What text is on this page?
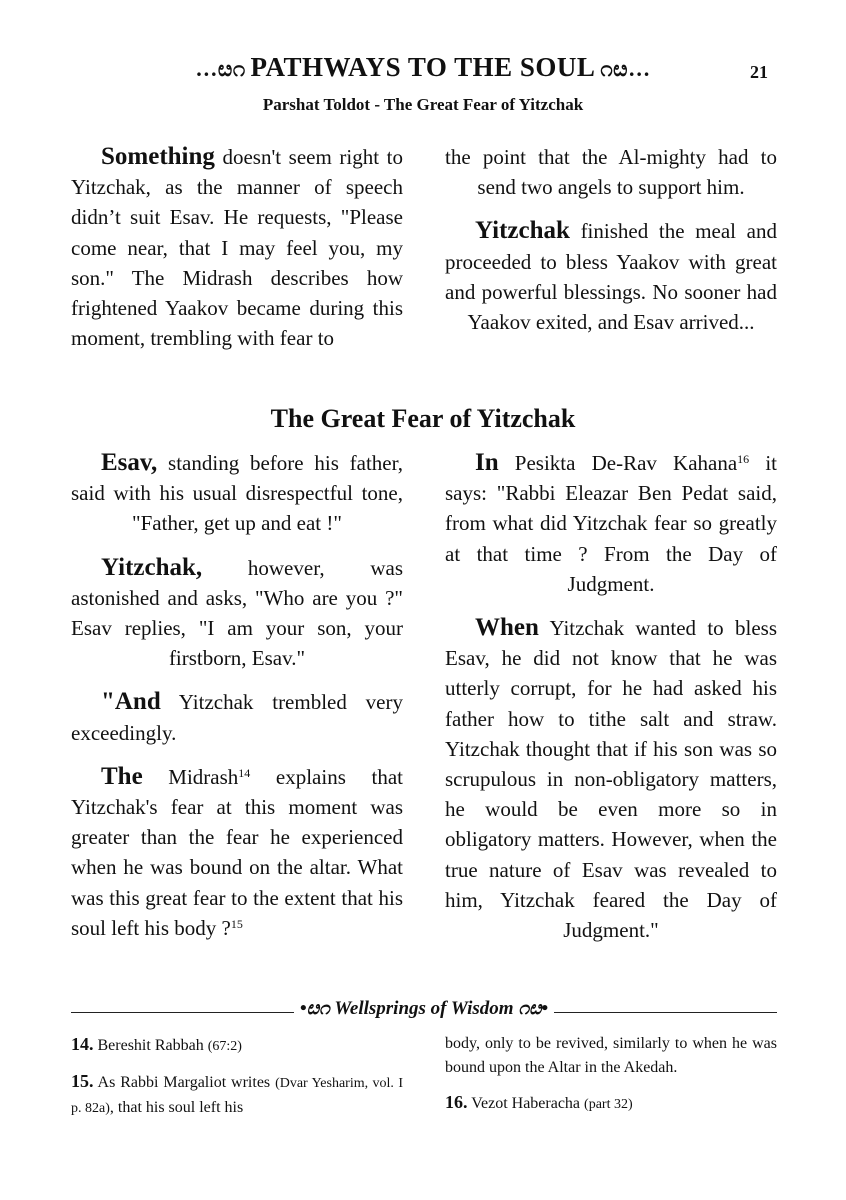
…ೞ೧ PATHWAYS TO THE SOUL ೧ೞ…	21
Parshat Toldot - The Great Fear of Yitzchak

Something doesn't seem right to Yitzchak, as the manner of speech didn’t suit Esav. He requests, "Please come near, that I may feel you, my son." The Midrash describes how frightened Yaakov became during this moment, trembling with fear to

the point that the Al-mighty had to send two angels to support him.

Yitzchak finished the meal and proceeded to bless Yaakov with great and powerful blessings. No sooner had Yaakov exited, and Esav arrived...

The Great Fear of Yitzchak

Esav, standing before his father, said with his usual disrespectful tone, "Father, get up and eat !"

Yitzchak, however, was astonished and asks, "Who are you ?" Esav replies, "I am your son, your firstborn, Esav."

"And Yitzchak trembled very exceedingly.

The Midrash$^{14}$ explains that Yitzchak's fear at this moment was greater than the fear he experienced when he was bound on the altar. What was this great fear to the extent that his soul left his body ?$^{15}$

In Pesikta De-Rav Kahana$^{16}$ it says: "Rabbi Eleazar Ben Pedat said, from what did Yitzchak fear so greatly at that time ? From the Day of Judgment.

When Yitzchak wanted to bless Esav, he did not know that he was utterly corrupt, for he had asked his father how to tithe salt and straw. Yitzchak thought that if his son was so scrupulous in non-obligatory matters, he would be even more so in obligatory matters. However, when the true nature of Esav was revealed to him, Yitzchak feared the Day of Judgment."

•ೞ೧ Wellsprings of Wisdom ೧ೞ•

14. Bereshit Rabbah (67:2)

15. As Rabbi Margaliot writes (Dvar Yesharim, vol. I p. 82a), that his soul left his

body, only to be revived, similarly to when he was bound upon the Altar in the Akedah.

16. Vezot Haberacha (part 32)
